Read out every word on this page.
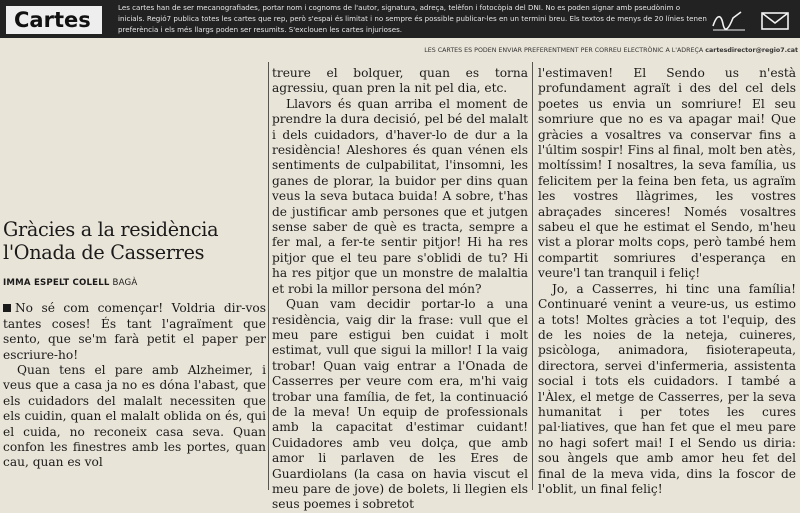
Cartes
Les cartes han de ser mecanografiades, portar nom i cognoms de l'autor, signatura, adreça, telèfon i fotocòpia del DNI. No es poden signar amb pseudònim o inicials. Regió7 publica totes les cartes que rep, però s'espai és limitat i no sempre és possible publicar-les en un termini breu. Els textos de menys de 20 línies tenen preferència i els més llargs poden ser resumits. S'exclouen les cartes injurioses.
LES CARTES ES PODEN ENVIAR PREFERENTMENT PER CORREU ELECTRÒNIC A L'ADREÇA cartesdirector@regio7.cat
Gràcies a la residència l'Onada de Casserres
IMMA ESPELT COLELL BAGÀ

No sé com començar! Voldria dir-vos tantes coses! És tant l'agraïment que sento, que se'm farà petit el paper per escriure-ho!

Quan tens el pare amb Alzheimer, i veus que a casa ja no es dóna l'abast, que els cuidadors del malalt necessiten que els cuidin, quan el malalt oblida on és, qui el cuida, no reconeix casa seva. Quan confon les finestres amb les portes, quan cau, quan es vol

treure el bolquer, quan es torna agressiu, quan pren la nit pel dia, etc.

Llavors és quan arriba el moment de prendre la dura decisió, pel bé del malalt i dels cuidadors, d'haver-lo de dur a la residència! Aleshores és quan vénen els sentiments de culpabilitat, l'insomni, les ganes de plorar, la buidor per dins quan veus la seva butaca buida! A sobre, t'has de justificar amb persones que et jutgen sense saber de què es tracta, sempre a fer mal, a fer-te sentir pitjor! Hi ha res pitjor que el teu pare s'oblidi de tu? Hi ha res pitjor que un monstre de malaltia et robi la millor persona del món?

Quan vam decidir portar-lo a una residència, vaig dir la frase: vull que el meu pare estigui ben cuidat i molt estimat, vull que sigui la millor! I la vaig trobar! Quan vaig entrar a l'Onada de Casserres per veure com era, m'hi vaig trobar una família, de fet, la continuació de la meva! Un equip de professionals amb la capacitat d'estimar cuidant! Cuidadores amb veu dolça, que amb amor li parlaven de les Eres de Guardiolans (la casa on havia viscut el meu pare de jove) de bolets, li llegien els seus poemes i sobretot

l'estimaven! El Sendo us n'està profundament agraït i des del cel dels poetes us envia un somriure! El seu somriure que no es va apagar mai! Que gràcies a vosaltres va conservar fins a l'últim sospir! Fins al final, molt ben atès, moltíssim! I nosaltres, la seva família, us felicitem per la feina ben feta, us agraïm les vostres llàgrimes, les vostres abraçades sinceres! Només vosaltres sabeu el que he estimat el Sendo, m'heu vist a plorar molts cops, però també hem compartit somriures d'esperança en veure'l tan tranquil i feliç!

Jo, a Casserres, hi tinc una família! Continuaré venint a veure-us, us estimo a tots! Moltes gràcies a tot l'equip, des de les noies de la neteja, cuineres, psicòloga, animadora, fisioterapeuta, directora, servei d'infermeria, assistenta social i tots els cuidadors. I també a l'Àlex, el metge de Casserres, per la seva humanitat i per totes les cures pal·liatives, que han fet que el meu pare no hagi sofert mai! I el Sendo us diria: sou àngels que amb amor heu fet del final de la meva vida, dins la foscor de l'oblit, un final feliç!
